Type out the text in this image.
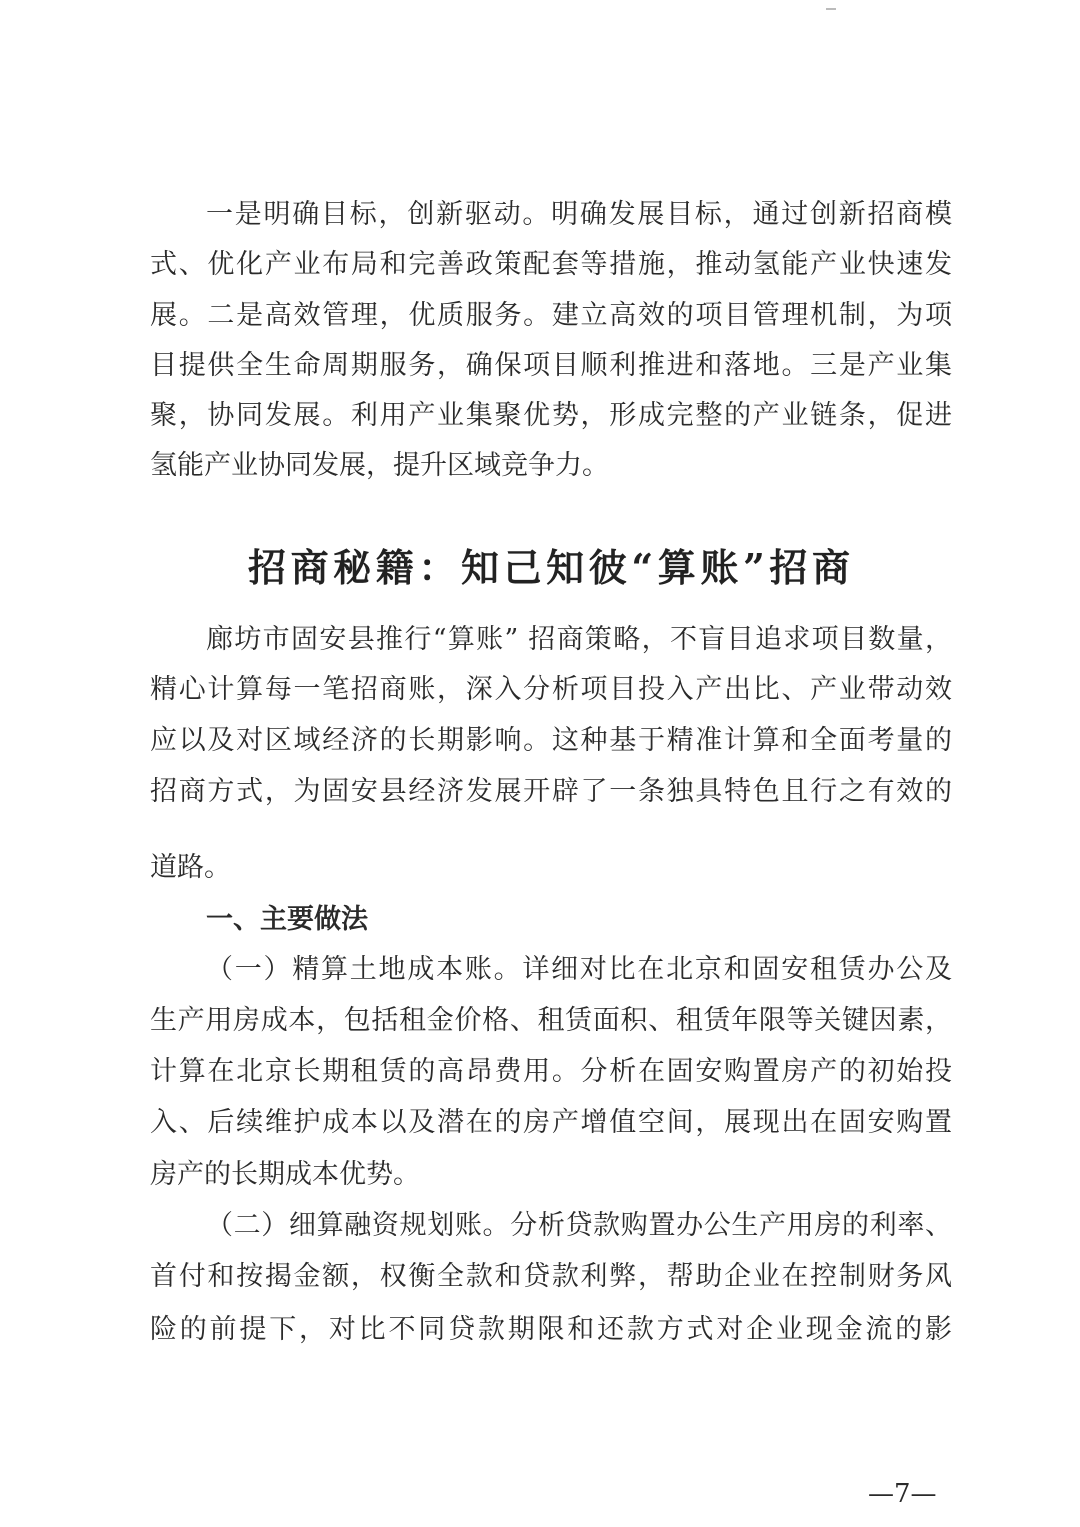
一是明确目标，创新驱动。明确发展目标，通过创新招商模
式、优化产业布局和完善政策配套等措施，推动氢能产业快速发
展。二是高效管理，优质服务。建立高效的项目管理机制，为项
目提供全生命周期服务，确保项目顺利推进和落地。三是产业集
聚，协同发展。利用产业集聚优势，形成完整的产业链条，促进
氢能产业协同发展，提升区域竞争力。
招商秘籍：知己知彼“算账”招商
廊坊市固安县推行“算账” 招商策略，不盲目追求项目数量，
精心计算每一笔招商账，深入分析项目投入产出比、产业带动效
应以及对区域经济的长期影响。这种基于精准计算和全面考量的
招商方式，为固安县经济发展开辟了一条独具特色且行之有效的
道路。
一、主要做法
（一）精算土地成本账。详细对比在北京和固安租赁办公及
生产用房成本，包括租金价格、租赁面积、租赁年限等关键因素，
计算在北京长期租赁的高昂费用。分析在固安购置房产的初始投
入、后续维护成本以及潜在的房产增值空间，展现出在固安购置
房产的长期成本优势。
（二）细算融资规划账。分析贷款购置办公生产用房的利率、
首付和按揭金额，权衡全款和贷款利弊，帮助企业在控制财务风
险的前提下，对比不同贷款期限和还款方式对企业现金流的影
—7—
